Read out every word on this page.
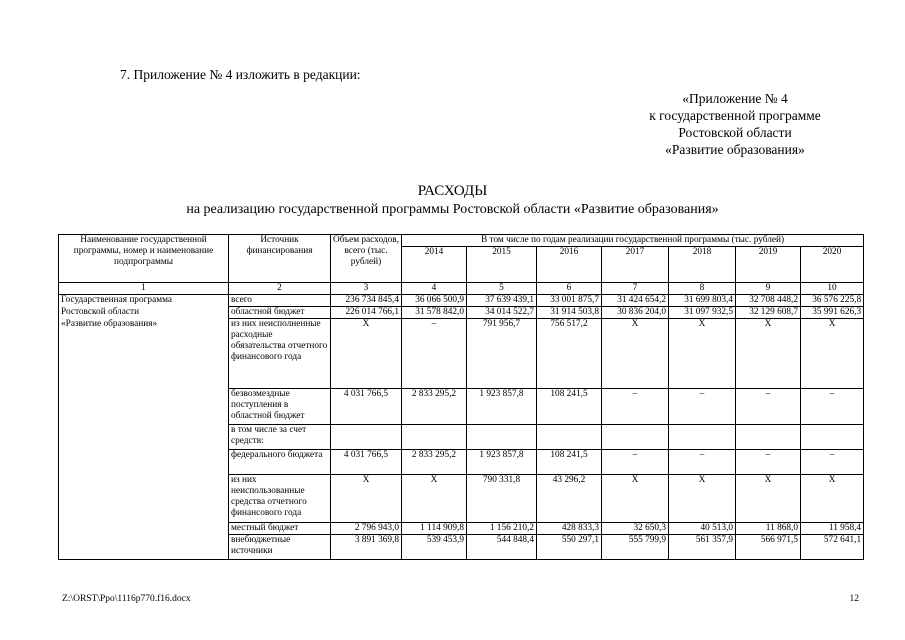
7. Приложение № 4 изложить в редакции:
«Приложение № 4
к государственной программе
Ростовской области
«Развитие образования»
РАСХОДЫ
на реализацию государственной программы Ростовской области «Развитие образования»
Наименование государственной программы, номер и наименование подпрограммы	Источник финансирования	Объем расходов, всего (тыс. рублей)	В том числе по годам реализации государственной программы (тыс. рублей)						
			2014	2015	2016	2017	2018	2019	2020
1	2	3	4	5	6	7	8	9	10
Государственная программа	всего	236 734 845,4	36 066 500,9	37 639 439,1	33 001 875,7	31 424 654,2	31 699 803,4	32 708 448,2	36 576 225,8
Ростовской области	областной бюджет	226 014 766,1	31 578 842,0	34 014 522,7	31 914 503,8	30 836 204,0	31 097 932,5	32 129 608,7	35 991 626,3
«Развитие образования»	из них неисполненные расходные обязательства отчетного финансового года	Х	–	791 956,7	756 517,2	Х	Х	Х	Х
	безвозмездные поступления в областной бюджет	4 031 766,5	2 833 295,2	1 923 857,8	108 241,5	–	–	–	–
	в том числе за счет средств:								
	федерального бюджета	4 031 766,5	2 833 295,2	1 923 857,8	108 241,5	–	–	–	–
	из них неиспользованные средства отчетного финансового года	Х	Х	790 331,8	43 296,2	Х	Х	Х	Х
	местный бюджет	2 796 943,0	1 114 909,8	1 156 210,2	428 833,3	32 650,3	40 513,0	11 868,0	11 958,4
	внебюджетные источники	3 891 369,8	539 453,9	544 848,4	550 297,1	555 799,9	561 357,9	566 971,5	572 641,1
Z:\ORST\Ppo\1116p770.f16.docx	12
